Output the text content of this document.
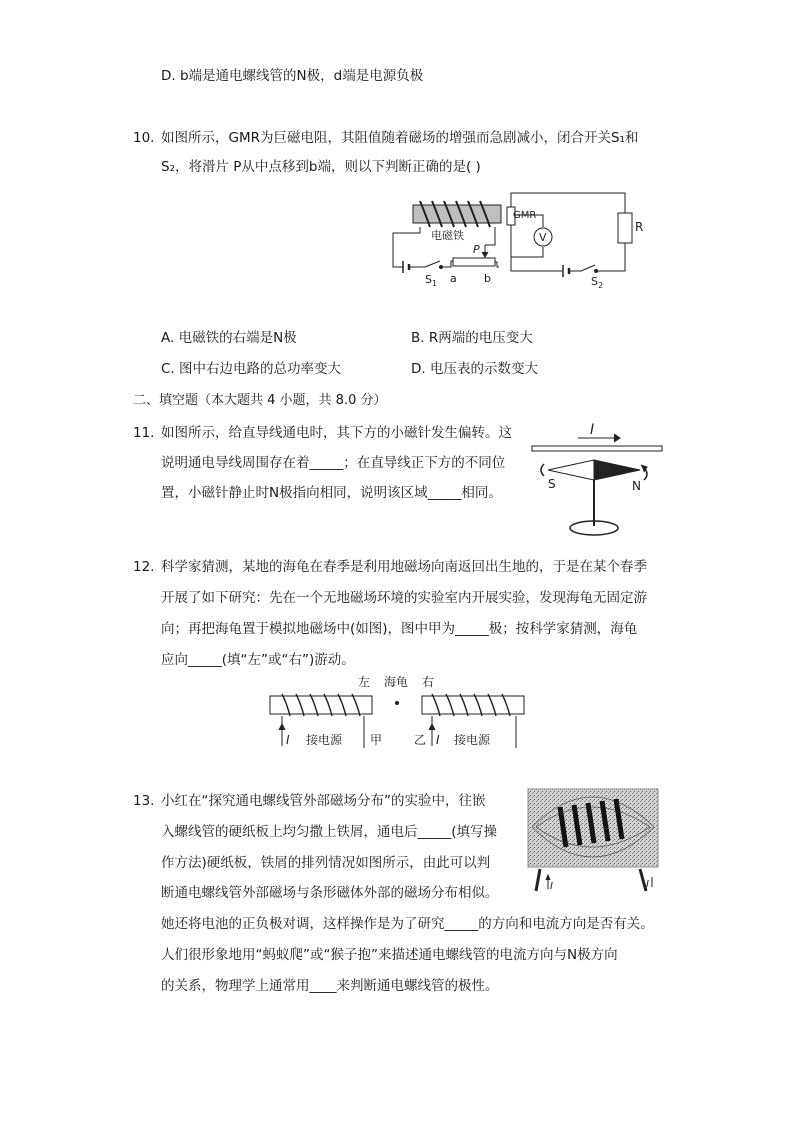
D. b端是通电螺线管的N极，d端是电源负极
10. 如图所示，GMR为巨磁电阻，其阻值随着磁场的增强而急剧减小，闭合开关S₁和
S₂，将滑片 P从中点移到b端，则以下判断正确的是( )
电磁铁
GMR
V
R
P
$S_1$ a b	$S_2$
A. 电磁铁的右端是N极	B. R两端的电压变大
C. 图中右边电路的总功率变大	D. 电压表的示数变大
二、填空题（本大题共 4 小题，共 8.0 分）
11. 如图所示，给直导线通电时，其下方的小磁针发生偏转。这
说明通电导线周围存在着_____；在直导线正下方的不同位
置，小磁针静止时N极指向相同，说明该区域_____相同。
I
S	N
12. 科学家猜测，某地的海龟在春季是利用地磁场向南返回出生地的，于是在某个春季
开展了如下研究：先在一个无地磁场环境的实验室内开展实验，发现海龟无固定游
向；再把海龟置于模拟地磁场中(如图)，图中甲为_____极；按科学家猜测，海龟
应向_____(填“左”或“右”)游动。
左 海龟 右
I 接电源 甲	乙 I 接电源
13. 小红在“探究通电螺线管外部磁场分布”的实验中，往嵌
入螺线管的硬纸板上均匀撒上铁屑，通电后_____(填写操
作方法)硬纸板，铁屑的排列情况如图所示，由此可以判
断通电螺线管外部磁场与条形磁体外部的磁场分布相似。
她还将电池的正负极对调，这样操作是为了研究_____的方向和电流方向是否有关。
人们很形象地用“蚂蚁爬”或“猴子抱”来描述通电螺线管的电流方向与N极方向
的关系，物理学上通常用____来判断通电螺线管的极性。
I	I
